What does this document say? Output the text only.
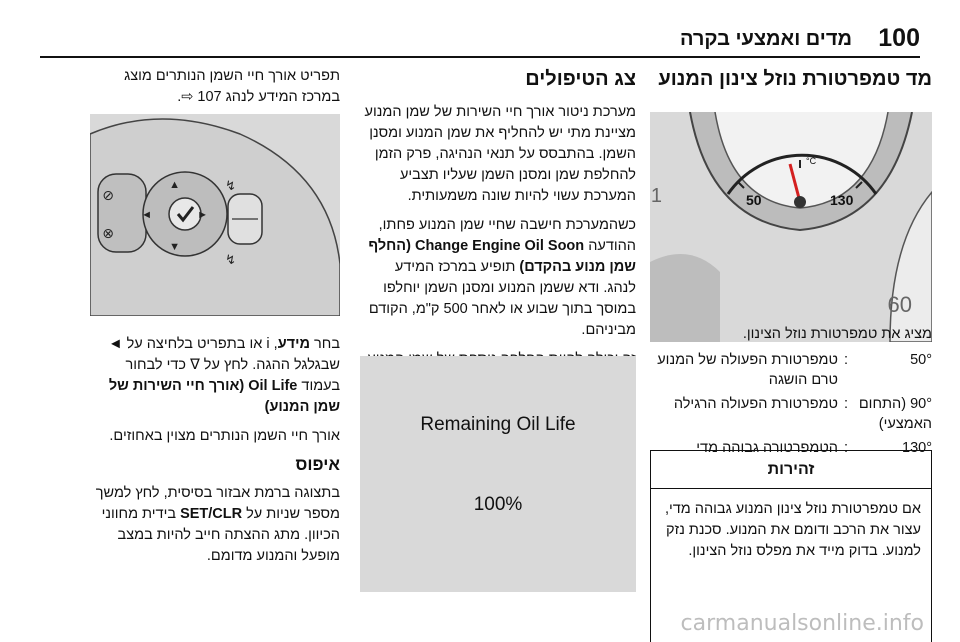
100
מדים ואמצעי בקרה
מד טמפרטורת נוזל צינון המנוע
60
1	50	130
°C
מציג את טמפרטורת נוזל הצינון.
50°
:
טמפרטורת הפעולה של המנוע טרם הושגה
90° (התחום האמצעי)
:
טמפרטורת הפעולה הרגילה
130°
:
הטמפרטורה גבוהה מדי
זהירות
אם טמפרטורת נוזל צינון המנוע גבוהה מדי, עצור את הרכב ודומם את המנוע. סכנת נזק למנוע. בדוק מייד את מפלס נוזל הצינון.
צג הטיפולים

מערכת ניטור אורך חיי השירות של שמן המנוע מציינת מתי יש להחליף את שמן המנוע ומסנן השמן. בהתבסס על תנאי הנהיגה, פרק הזמן להחלפת שמן ומסנן השמן שעליו תצביע המערכת עשוי להיות שונה משמעותית.

כשהמערכת חישבה שחיי שמן המנוע פחתו, ההודעה Change Engine Oil Soon (החלף שמן מנוע בהקדם) תופיע במרכז המידע לנהג. ודא ששמן המנוע ומסנן השמן יוחלפו במוסך בתוך שבוע או לאחר 500 ק"מ, הקודם מביניהם.

Remaining Oil Life
100%

תפריט אורך חיי השמן הנותרים מוצג במרכז המידע לנהג 107 ⇨.

⊘
⊗
▲
▼
◄	►
↯
↯

בחר מידע, i או בתפריט בלחיצה על ◄ שבגלגל ההגה. לחץ על ∇ כדי לבחור בעמוד Oil Life (אורך חיי השירות של שמן המנוע)

אורך חיי השמן הנותרים מצוין באחוזים.

איפוס

בתצוגה ברמת אבזור בסיסית, לחץ למשך מספר שניות על SET/CLR בידית מחווני הכיוון. מתג ההצתה חייב להיות במצב מופעל והמנוע מדומם.

carmanualsonline.info
